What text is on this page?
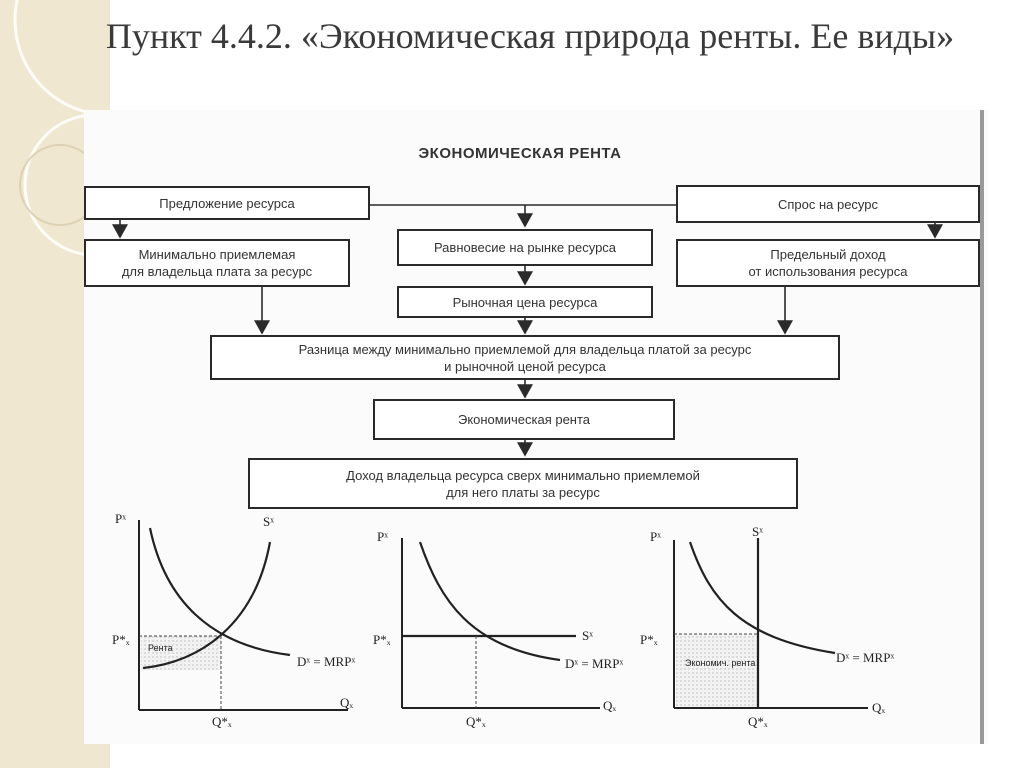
Пункт 4.4.2. «Экономическая природа ренты. Ее виды»
ЭКОНОМИЧЕСКАЯ РЕНТА
Предложение ресурса	Спрос на ресурс
Минимально приемлемая
для владельца плата за ресурс
Равновесие на рынке ресурса	Предельный доход
от использования ресурса
Рыночная цена ресурса
Разница между минимально приемлемой для владельца платой за ресурс
и рыночной ценой ресурса
Экономическая рента
Доход владельца ресурса сверх минимально приемлемой
для него платы за ресурс
Pˣ	Sˣ
P*ₓ
Рента
Dˣ = MRPˣ
Qₓ
Q*ₓ
Pˣ
Sˣ
P*ₓ
Dˣ = MRPˣ
Qₓ
Q*ₓ
Pˣ	Sˣ
P*ₓ
Экономич. рента	Dˣ = MRPˣ
Qₓ
Q*ₓ
